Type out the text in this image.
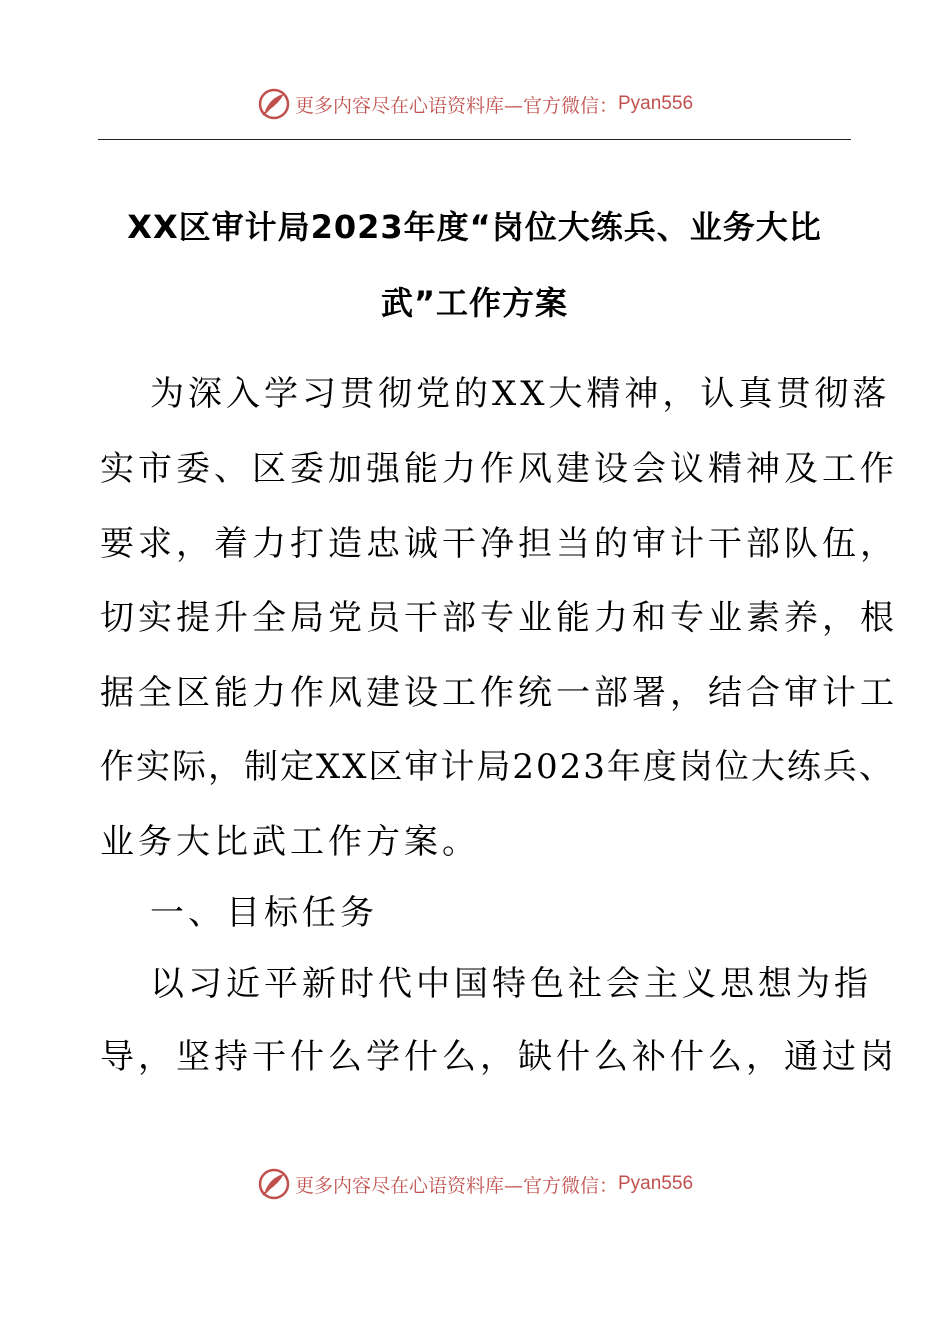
更多内容尽在心语资料库—官方微信： Pyan556
XX区审计局2023年度“岗位大练兵、业务大比
武”工作方案
为深入学习贯彻党的XX大精神，认真贯彻落
实市委、区委加强能力作风建设会议精神及工作
要求，着力打造忠诚干净担当的审计干部队伍，
切实提升全局党员干部专业能力和专业素养，根
据全区能力作风建设工作统一部署，结合审计工
作实际，制定XX区审计局2023年度岗位大练兵、
业务大比武工作方案。
一、目标任务
以习近平新时代中国特色社会主义思想为指
导，坚持干什么学什么，缺什么补什么，通过岗
更多内容尽在心语资料库—官方微信： Pyan556
